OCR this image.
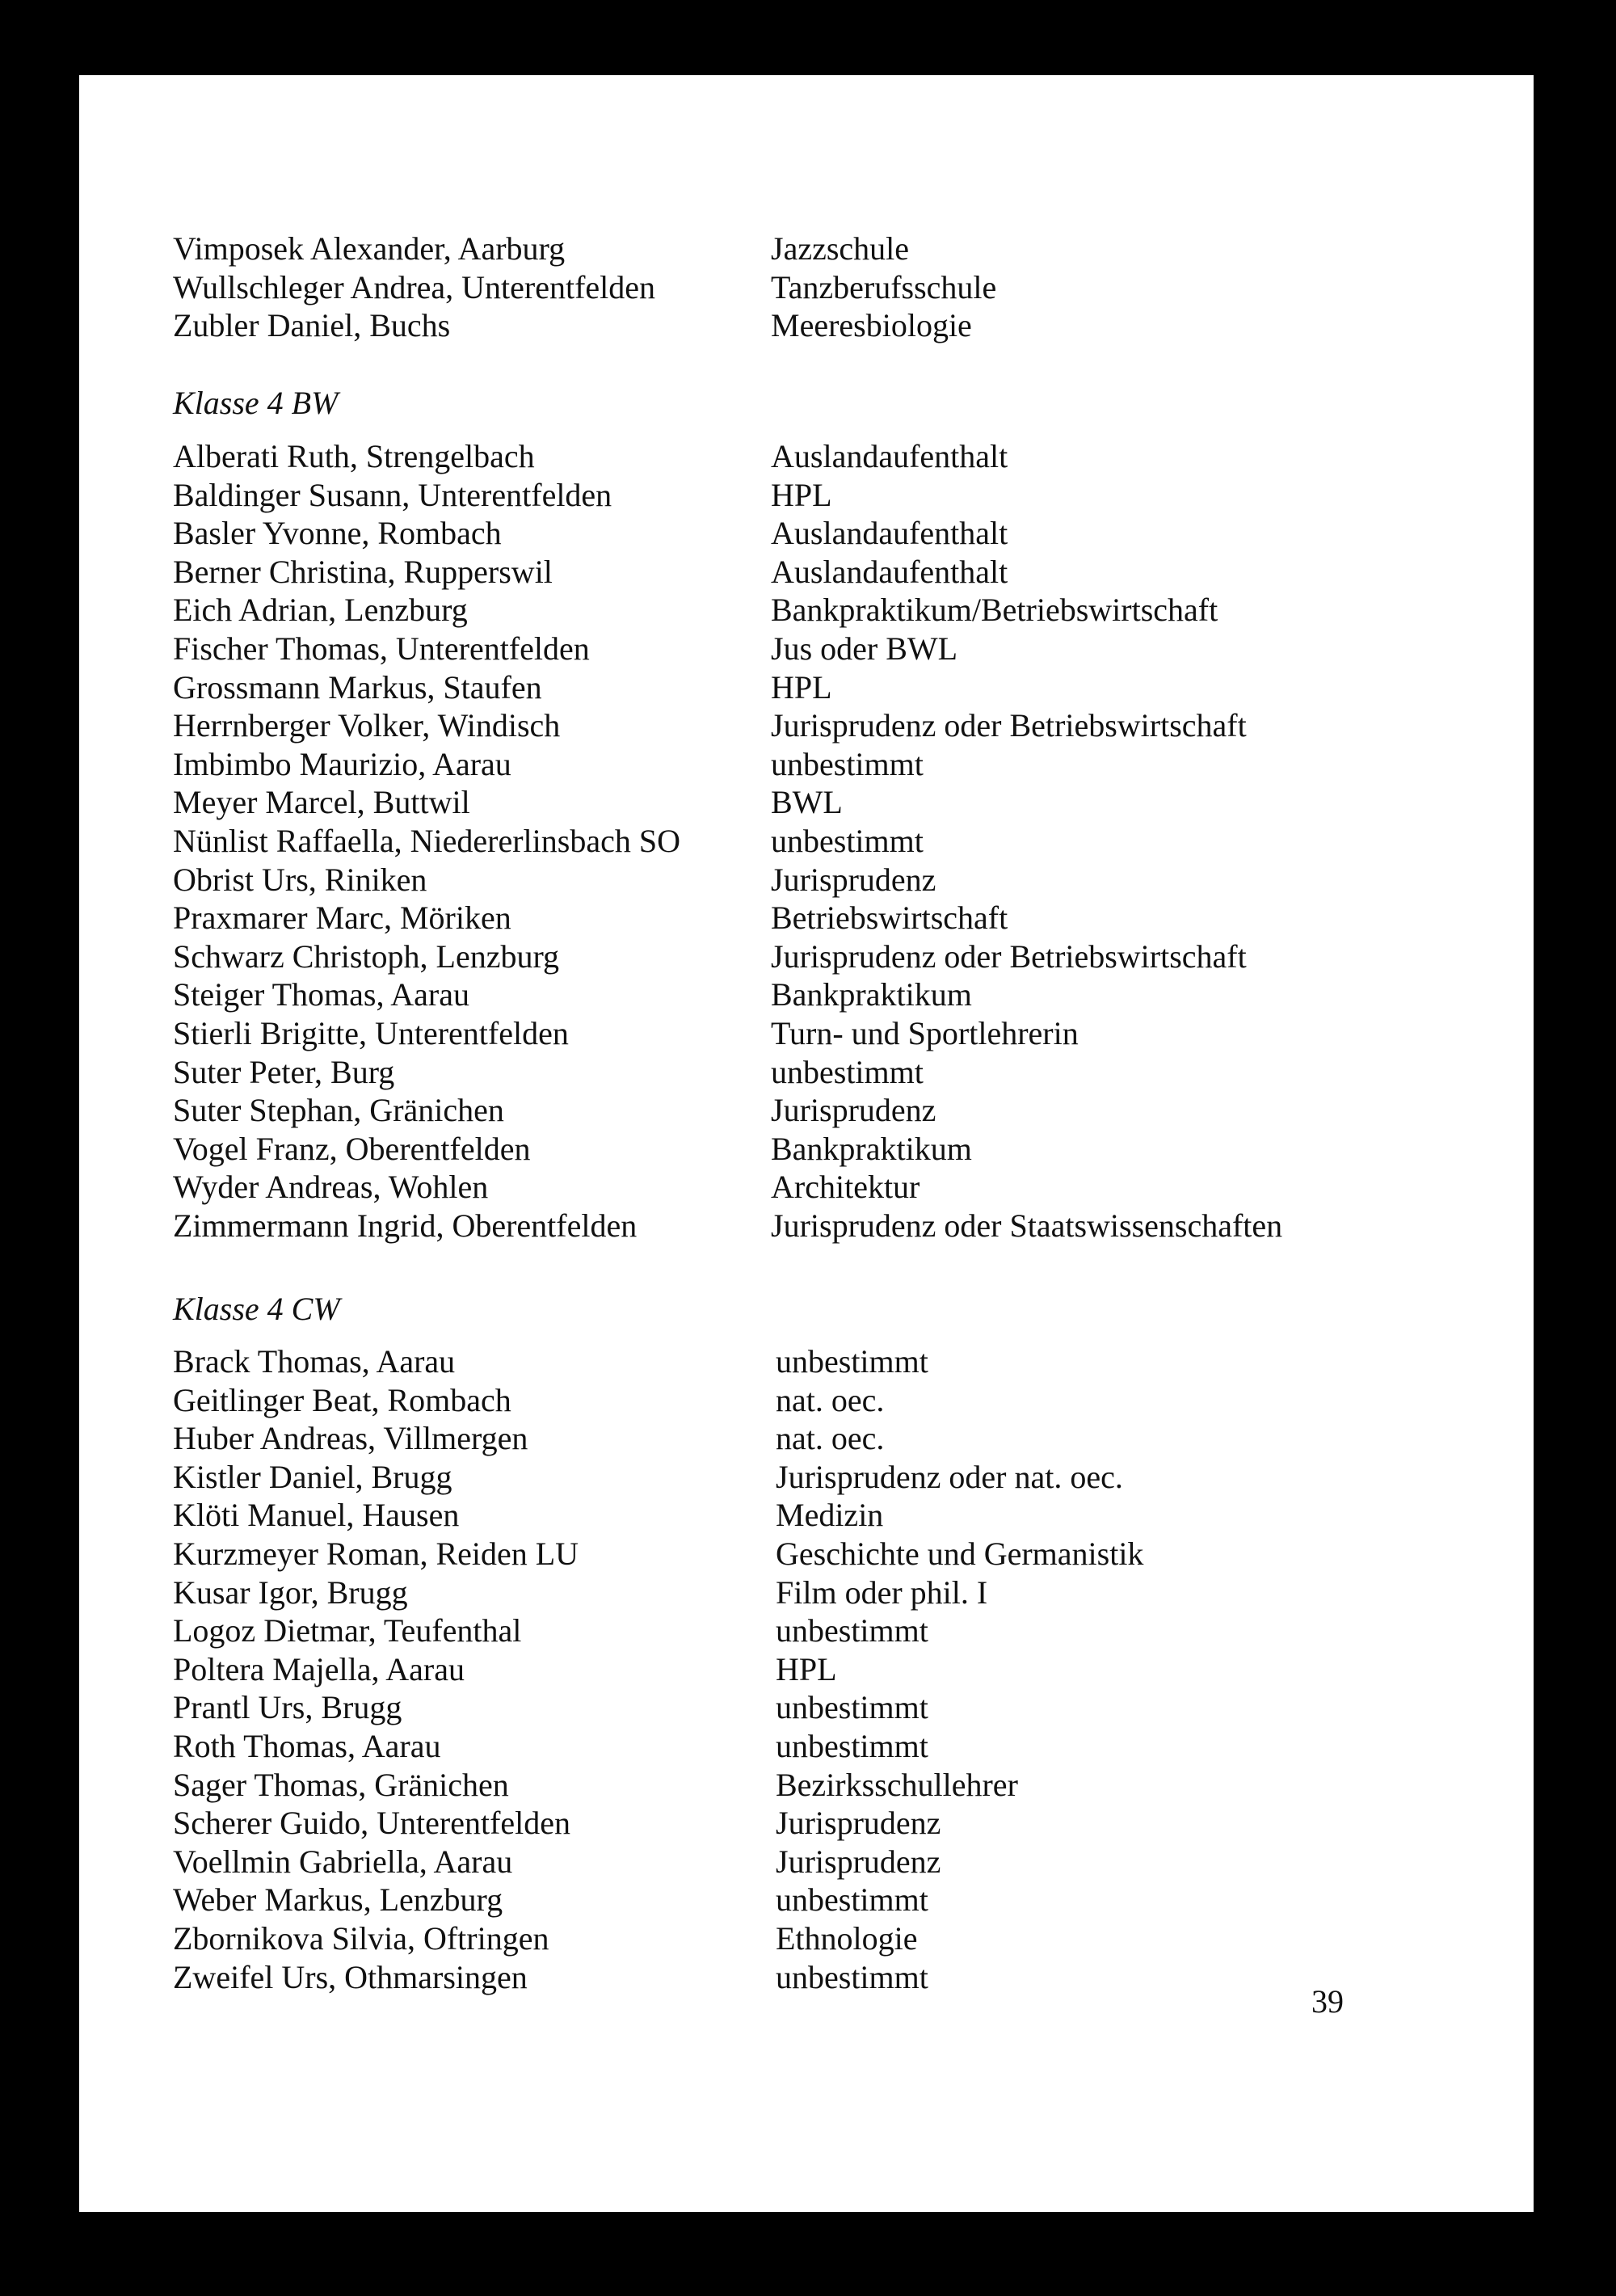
Vimposek Alexander, Aarburg	Jazzschule
Wullschleger Andrea, Unterentfelden	Tanzberufsschule
Zubler Daniel, Buchs	Meeresbiologie
Klasse 4 BW
Alberati Ruth, Strengelbach	Auslandaufenthalt
Baldinger Susann, Unterentfelden	HPL
Basler Yvonne, Rombach	Auslandaufenthalt
Berner Christina, Rupperswil	Auslandaufenthalt
Eich Adrian, Lenzburg	Bankpraktikum/Betriebswirtschaft
Fischer Thomas, Unterentfelden	Jus oder BWL
Grossmann Markus, Staufen	HPL
Herrnberger Volker, Windisch	Jurisprudenz oder Betriebswirtschaft
Imbimbo Maurizio, Aarau	unbestimmt
Meyer Marcel, Buttwil	BWL
Nünlist Raffaella, Niedererlinsbach SO	unbestimmt
Obrist Urs, Riniken	Jurisprudenz
Praxmarer Marc, Möriken	Betriebswirtschaft
Schwarz Christoph, Lenzburg	Jurisprudenz oder Betriebswirtschaft
Steiger Thomas, Aarau	Bankpraktikum
Stierli Brigitte, Unterentfelden	Turn- und Sportlehrerin
Suter Peter, Burg	unbestimmt
Suter Stephan, Gränichen	Jurisprudenz
Vogel Franz, Oberentfelden	Bankpraktikum
Wyder Andreas, Wohlen	Architektur
Zimmermann Ingrid, Oberentfelden	Jurisprudenz oder Staatswissenschaften
Klasse 4 CW
Brack Thomas, Aarau	unbestimmt
Geitlinger Beat, Rombach	nat. oec.
Huber Andreas, Villmergen	nat. oec.
Kistler Daniel, Brugg	Jurisprudenz oder nat. oec.
Klöti Manuel, Hausen	Medizin
Kurzmeyer Roman, Reiden LU	Geschichte und Germanistik
Kusar Igor, Brugg	Film oder phil. I
Logoz Dietmar, Teufenthal	unbestimmt
Poltera Majella, Aarau	HPL
Prantl Urs, Brugg	unbestimmt
Roth Thomas, Aarau	unbestimmt
Sager Thomas, Gränichen	Bezirksschullehrer
Scherer Guido, Unterentfelden	Jurisprudenz
Voellmin Gabriella, Aarau	Jurisprudenz
Weber Markus, Lenzburg	unbestimmt
Zbornikova Silvia, Oftringen	Ethnologie
Zweifel Urs, Othmarsingen	unbestimmt
39
